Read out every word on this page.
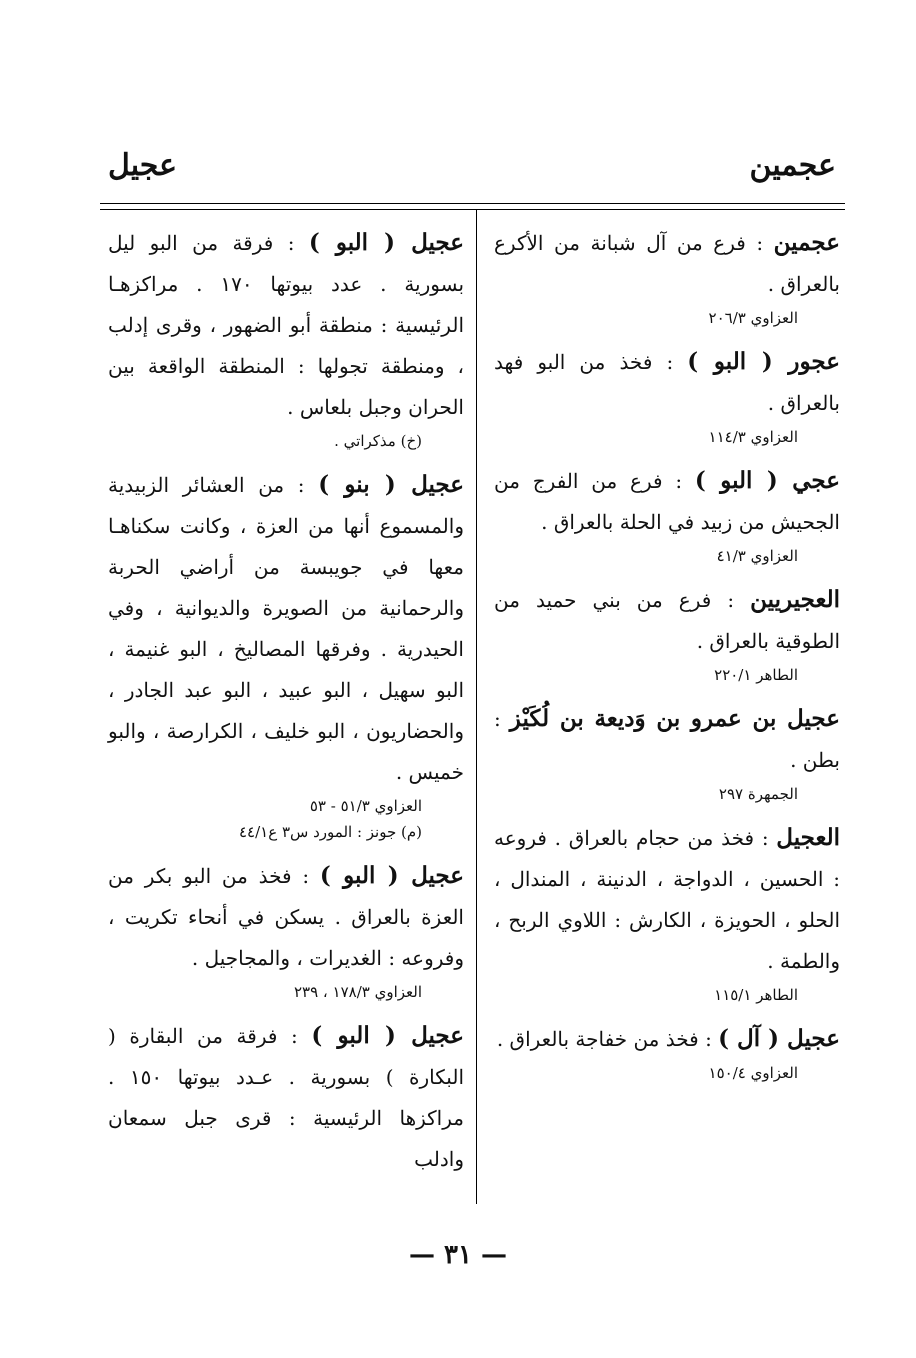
عجمين
عجيل

عجمين : فرع من آل شبانة من الأكرع بالعراق .

العزاوي ٢٠٦/٣

عجور ( البو ) : فخذ من البو فهد بالعراق .

العزاوي ١١٤/٣

عجي ( البو ) : فرع من الفرج من الجحيش من زبيد في الحلة بالعراق .

العزاوي ٤١/٣

العجيريين : فرع من بني حميد من الطوقية بالعراق .

الطاهر ٢٢٠/١

عجيل بن عمرو بن وَديعة بن لُكَيْز : بطن .

الجمهرة ٢٩٧

العجيل : فخذ من حجام بالعراق . فروعه : الحسين ، الدواجة ، الدنينة ، المندال ، الحلو ، الحويزة ، الكارش : اللاوي الربح ، والطمة .

الطاهر ١١٥/١

عجيل ( آل ) : فخذ من خفاجة بالعراق .

العزاوي ١٥٠/٤

عجيل ( البو ) : فرقة من البو ليل بسورية . عدد بيوتها ١٧٠ . مراكزهـا الرئيسية : منطقة أبو الضهور ، وقرى إدلب ، ومنطقة تجولها : المنطقة الواقعة بين الحران وجبل بلعاس .

(خ) مذكراتي .

عجيل ( بنو ) : من العشائر الزبيدية والمسموع أنها من العزة ، وكانت سكناهـا معها في جويبسة من أراضي الحربة والرحمانية من الصويرة والديوانية ، وفي الحيدرية . وفرقها المصاليخ ، البو غنيمة ، البو سهيل ، البو عبيد ، البو عبد الجادر ، والحضاريون ، البو خليف ، الكرارصة ، والبو خميس .

العزاوي ٥١/٣ - ٥٣
(م) جونز : المورد س٣ ع٤٤/١

عجيل ( البو ) : فخذ من البو بكر من العزة بالعراق . يسكن في أنحاء تكريت ، وفروعه : الغديرات ، والمجاجيل .

العزاوي ١٧٨/٣ ، ٢٣٩

عجيل ( البو ) : فرقة من البقارة ( البكارة ) بسورية . عـدد بيوتها ١٥٠ . مراكزها الرئيسية : قرى جبل سمعان وادلب

— ٣١ —
